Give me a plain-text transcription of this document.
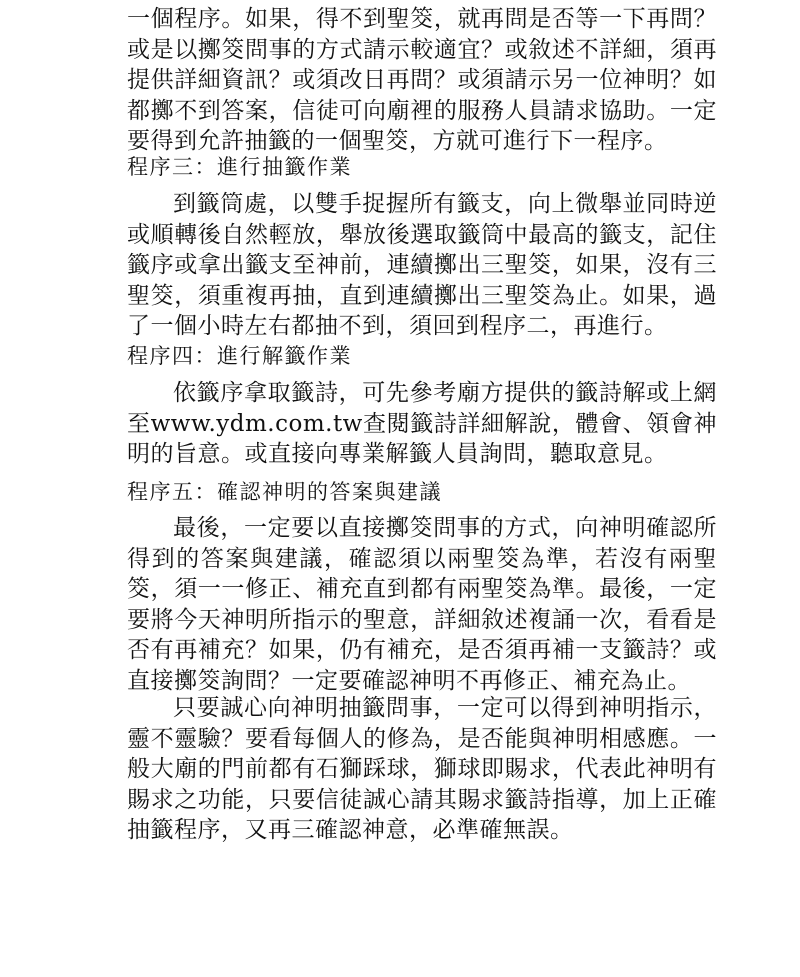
一個程序。如果，得不到聖筊，就再問是否等一下再問？或是以擲筊問事的方式請示較適宜？或敘述不詳細，須再提供詳細資訊？或須改日再問？或須請示另一位神明？如都擲不到答案，信徒可向廟裡的服務人員請求協助。一定要得到允許抽籤的一個聖筊，方就可進行下一程序。

程序三：進行抽籤作業

到籤筒處，以雙手捉握所有籤支，向上微舉並同時逆或順轉後自然輕放，舉放後選取籤筒中最高的籤支，記住籤序或拿出籤支至神前，連續擲出三聖筊，如果，沒有三聖筊，須重複再抽，直到連續擲出三聖筊為止。如果，過了一個小時左右都抽不到，須回到程序二，再進行。

程序四：進行解籤作業

依籤序拿取籤詩，可先參考廟方提供的籤詩解或上網至www.ydm.com.tw查閱籤詩詳細解說，體會、領會神明的旨意。或直接向專業解籤人員詢問，聽取意見。

程序五：確認神明的答案與建議

最後，一定要以直接擲筊問事的方式，向神明確認所得到的答案與建議，確認須以兩聖筊為準，若沒有兩聖筊，須一一修正、補充直到都有兩聖筊為準。最後，一定要將今天神明所指示的聖意，詳細敘述複誦一次，看看是否有再補充？如果，仍有補充，是否須再補一支籤詩？或直接擲筊詢問？一定要確認神明不再修正、補充為止。

只要誠心向神明抽籤問事，一定可以得到神明指示，靈不靈驗？要看每個人的修為，是否能與神明相感應。一般大廟的門前都有石獅踩球，獅球即賜求，代表此神明有賜求之功能，只要信徒誠心請其賜求籤詩指導，加上正確抽籤程序，又再三確認神意，必準確無誤。
